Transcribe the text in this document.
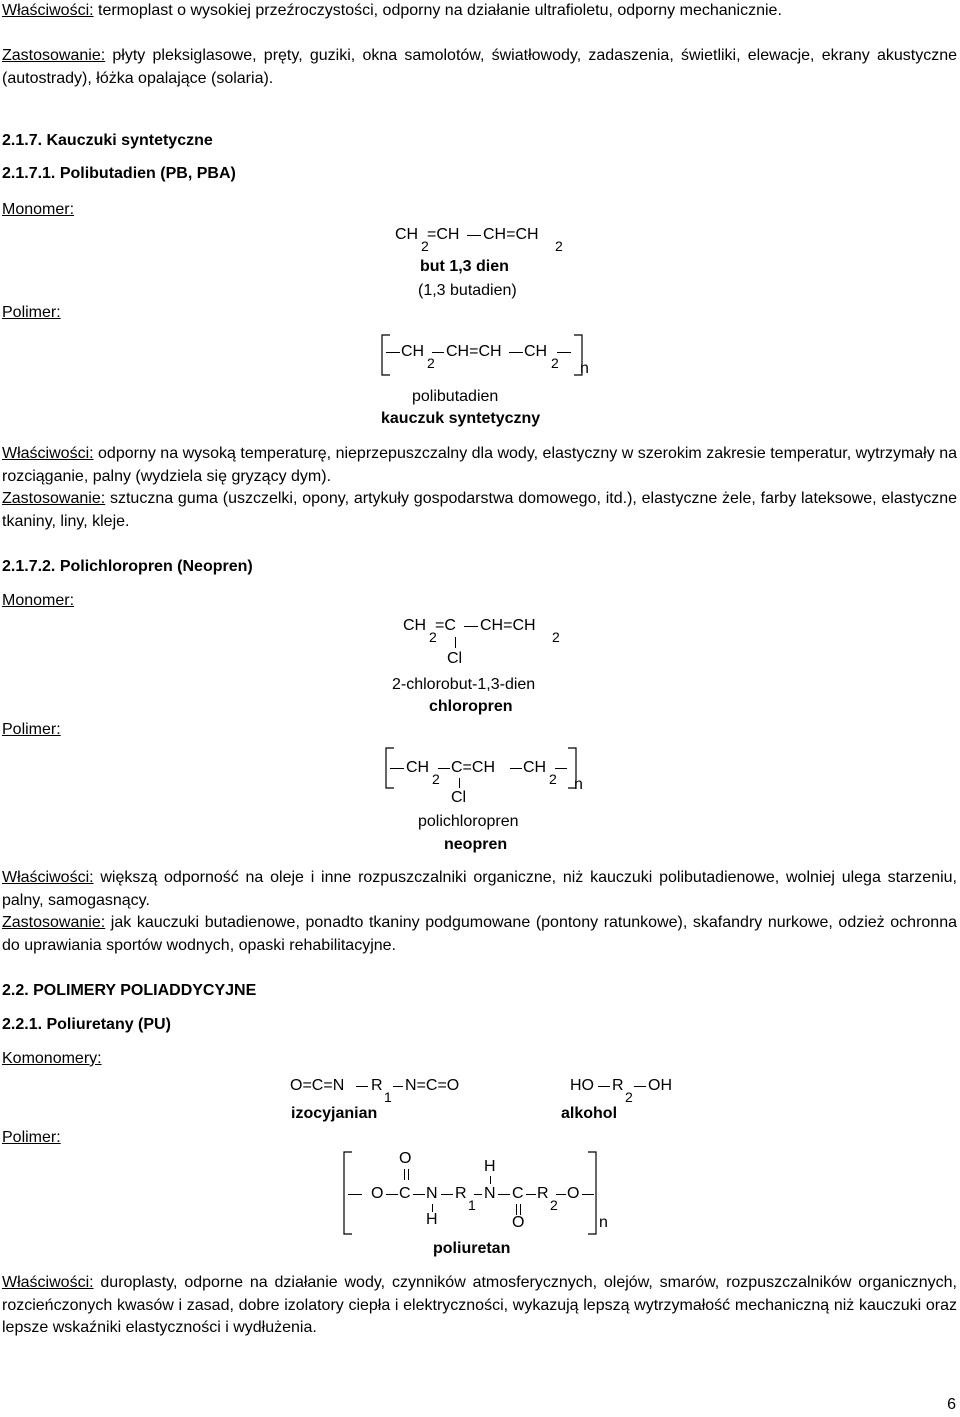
Właściwości: termoplast o wysokiej przeźroczystości, odporny na działanie ultrafioletu, odporny mechanicznie.
Zastosowanie: płyty pleksiglasowe, pręty, guziki, okna samolotów, światłowody, zadaszenia, świetliki, elewacje, ekrany akustyczne (autostrady), łóżka opalające (solaria).
2.1.7. Kauczuki syntetyczne
2.1.7.1. Polibutadien (PB, PBA)
Monomer:
Polimer:
CH
2
=CH CH=CH
2
but 1,3 dien
(1,3 butadien)
CH
2
CH=CH CH
2 n
polibutadien
kauczuk syntetyczny
Właściwości: odporny na wysoką temperaturę, nieprzepuszczalny dla wody, elastyczny w szerokim zakresie temperatur, wytrzymały na rozciąganie, palny (wydziela się gryzący dym).
Zastosowanie: sztuczna guma (uszczelki, opony, artykuły gospodarstwa domowego, itd.), elastyczne żele, farby lateksowe, elastyczne tkaniny, liny, kleje.
2.1.7.2. Polichloropren (Neopren)
Monomer:
Polimer:
CH
2
=C CH=CH
2
Cl
2-chlorobut-1,3-dien
chloropren
CH
2
C=CH CH
2
Cl
n
polichloropren
neopren
Właściwości: większą odporność na oleje i inne rozpuszczalniki organiczne, niż kauczuki polibutadienowe, wolniej ulega starzeniu, palny, samogasnący.
Zastosowanie: jak kauczuki butadienowe, ponadto tkaniny podgumowane (pontony ratunkowe), skafandry nurkowe, odzież ochronna do uprawiania sportów wodnych, opaski rehabilitacyjne.
2.2. POLIMERY POLIADDYCYJNE
2.2.1. Poliuretany (PU)
Komonomery:
Polimer:
O=C=N R
1
N=C=O
izocyjanian
HO R
2
OH
alkohol
O	H
O C N R
1
N C R
2
O
H	O	n
poliuretan
Właściwości: duroplasty, odporne na działanie wody, czynników atmosferycznych, olejów, smarów, rozpuszczalników organicznych, rozcieńczonych kwasów i zasad, dobre izolatory ciepła i elektryczności, wykazują lepszą wytrzymałość mechaniczną niż kauczuki oraz lepsze wskaźniki elastyczności i wydłużenia.
6
